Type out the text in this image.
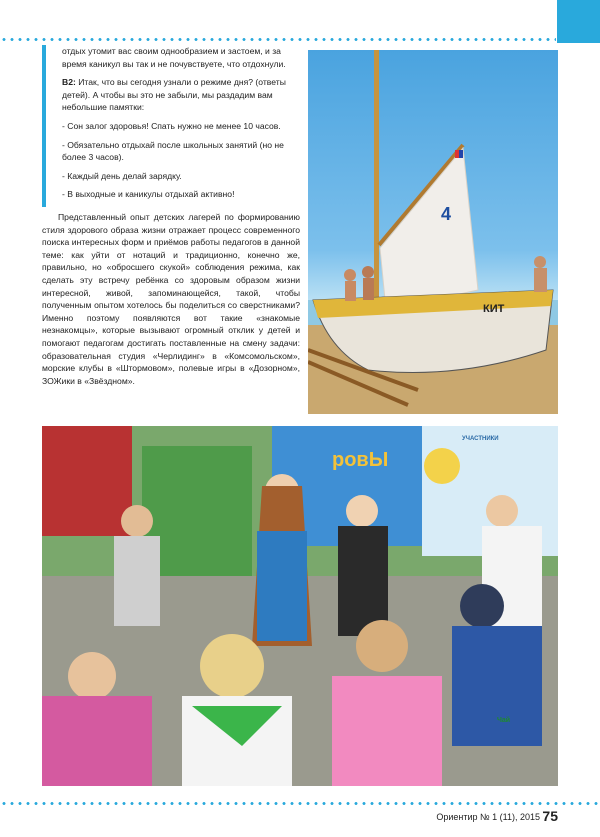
отдых утомит вас своим однообразием и застоем, и за время каникул вы так и не почувствуете, что отдохнули.

В2: Итак, что вы сегодня узнали о режиме дня? (ответы детей). А чтобы вы это не забыли, мы раздадим вам небольшие памятки:

- Сон залог здоровья! Спать нужно не менее 10 часов.

- Обязательно отдыхай после школьных занятий (но не более 3 часов).

- Каждый день делай зарядку.

- В выходные и каникулы отдыхай активно!

Представленный опыт детских лагерей по формированию стиля здорового образа жизни отражает процесс современного поиска интересных форм и приёмов работы педагогов в данной теме: как уйти от нотаций и традиционно, конечно же, правильно, но «обросшего скукой» соблюдения режима, как сделать эту встречу ребёнка со здоровым образом жизни интересной, живой, запоминающейся, такой, чтобы полученным опытом хотелось бы поделиться со сверстниками? Именно поэтому появляются вот такие «знакомые незнакомцы», которые вызывают огромный отклик у детей и помогают педагогам достигать поставленные на смену задачи: образовательная студия «Черлидинг» в «Комсомольском», морские клубы в «Штормовом», полевые игры в «Дозорном», ЗОЖики в «Звёздном».

4
КИТ
ровЫ
УЧАСТНИКИ
Чай
Ориентир № 1 (11), 2015 75
